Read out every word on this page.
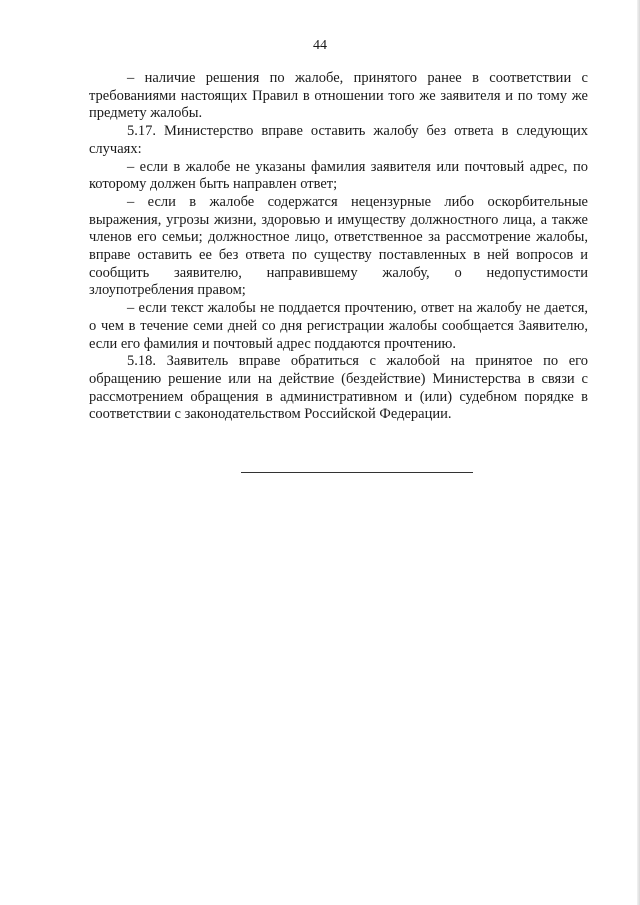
44

– наличие решения по жалобе, принятого ранее в соответствии с требованиями настоящих Правил в отношении того же заявителя и по тому же предмету жалобы.

5.17. Министерство вправе оставить жалобу без ответа в следующих случаях:

– если в жалобе не указаны фамилия заявителя или почтовый адрес, по которому должен быть направлен ответ;

– если в жалобе содержатся нецензурные либо оскорбительные выражения, угрозы жизни, здоровью и имуществу должностного лица, а также членов его семьи; должностное лицо, ответственное за рассмотрение жалобы, вправе оставить ее без ответа по существу поставленных в ней вопросов и сообщить заявителю, направившему жалобу, о недопустимости злоупотребления правом;

– если текст жалобы не поддается прочтению, ответ на жалобу не дается, о чем в течение семи дней со дня регистрации жалобы сообщается Заявителю, если его фамилия и почтовый адрес поддаются прочтению.

5.18. Заявитель вправе обратиться с жалобой на принятое по его обращению решение или на действие (бездействие) Министерства в связи с рассмотрением обращения в административном и (или) судебном порядке в соответствии с законодательством Российской Федерации.
